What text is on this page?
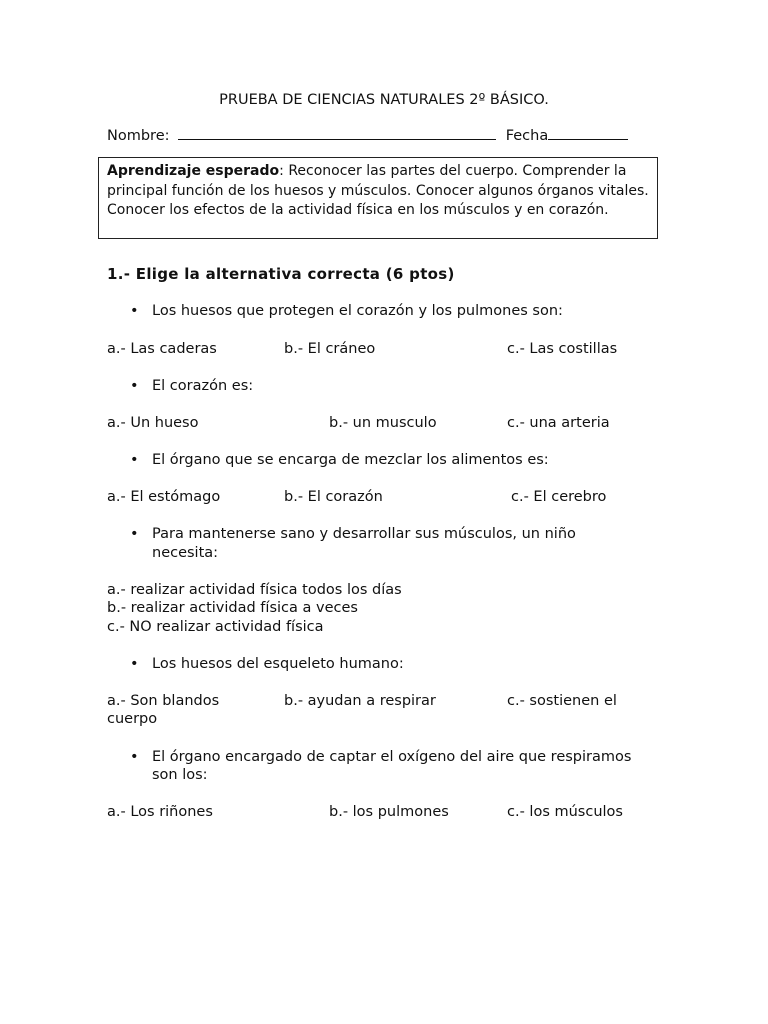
PRUEBA DE CIENCIAS NATURALES 2º BÁSICO.
Nombre:	Fecha
Aprendizaje esperado: Reconocer las partes del cuerpo. Comprender la principal función de los huesos y músculos. Conocer algunos órganos vitales. Conocer los efectos de la actividad física en los músculos y en corazón.
1.- Elige la alternativa correcta (6 ptos)
• Los huesos que protegen el corazón y los pulmones son:
a.- Las caderas	b.- El cráneo	c.- Las costillas
• El corazón es:
a.- Un hueso	b.- un musculo	c.- una arteria
• El órgano que se encarga de mezclar los alimentos es:
a.- El estómago	b.- El corazón	c.- El cerebro
• Para mantenerse sano y desarrollar sus músculos, un niño
necesita:
a.- realizar actividad física todos los días
b.- realizar actividad física a veces
c.- NO realizar actividad física
• Los huesos del esqueleto humano:
a.- Son blandos	b.- ayudan a respirar	c.- sostienen el
cuerpo
• El órgano encargado de captar el oxígeno del aire que respiramos
son los:
a.- Los riñones	b.- los pulmones	c.- los músculos
